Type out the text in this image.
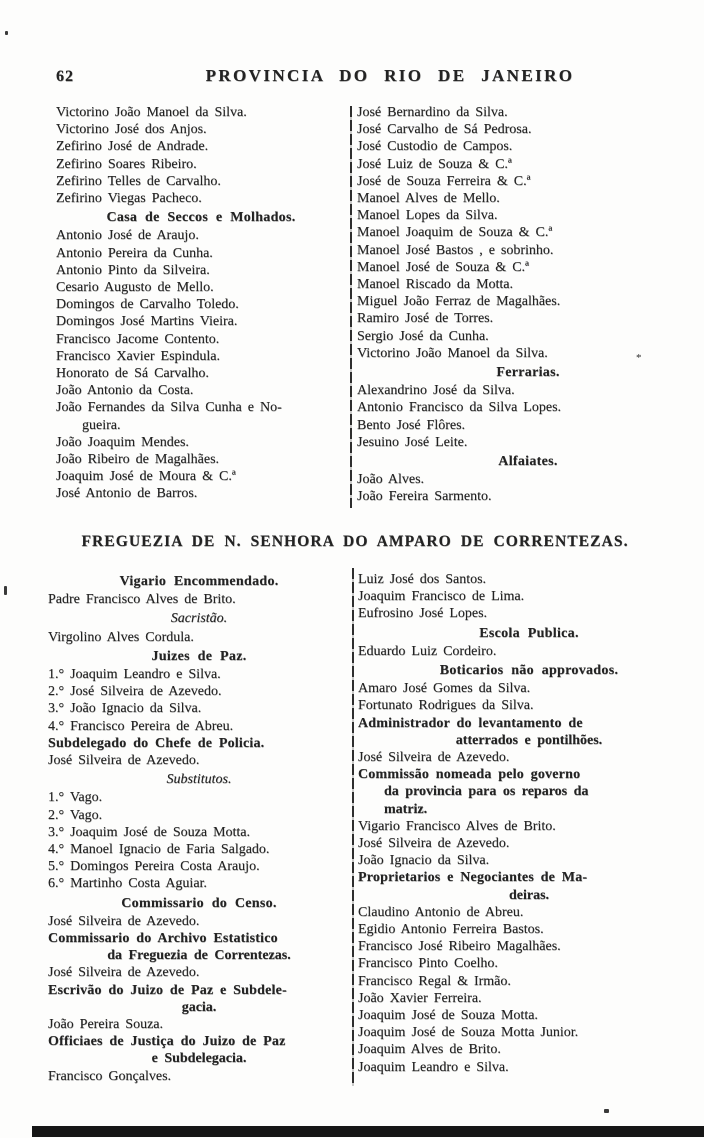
62	PROVINCIA DO RIO DE JANEIRO
Victorino João Manoel da Silva.
Victorino José dos Anjos.
Zefirino José de Andrade.
Zefirino Soares Ribeiro.
Zefirino Telles de Carvalho.
Zefirino Viegas Pacheco.
Casa de Seccos e Molhados.
Antonio José de Araujo.
Antonio Pereira da Cunha.
Antonio Pinto da Silveira.
Cesario Augusto de Mello.
Domingos de Carvalho Toledo.
Domingos José Martins Vieira.
Francisco Jacome Contento.
Francisco Xavier Espindula.
Honorato de Sá Carvalho.
João Antonio da Costa.
João Fernandes da Silva Cunha e No-
gueira.
João Joaquim Mendes.
João Ribeiro de Magalhães.
Joaquim José de Moura & C.ª
José Antonio de Barros.
José Bernardino da Silva.
José Carvalho de Sá Pedrosa.
José Custodio de Campos.
José Luiz de Souza & C.ª
José de Souza Ferreira & C.ª
Manoel Alves de Mello.
Manoel Lopes da Silva.
Manoel Joaquim de Souza & C.ª
Manoel José Bastos , e sobrinho.
Manoel José de Souza & C.ª
Manoel Riscado da Motta.
Miguel João Ferraz de Magalhães.
Ramiro José de Torres.
Sergio José da Cunha.
Victorino João Manoel da Silva.
Ferrarias.
Alexandrino José da Silva.
Antonio Francisco da Silva Lopes.
Bento José Flôres.
Jesuino José Leite.
Alfaiates.
João Alves.
João Fereira Sarmento.
FREGUEZIA DE N. SENHORA DO AMPARO DE CORRENTEZAS.
Vigario Encommendado.
Padre Francisco Alves de Brito.
Sacristão.
Virgolino Alves Cordula.
Juizes de Paz.
1.° Joaquim Leandro e Silva.
2.° José Silveira de Azevedo.
3.° João Ignacio da Silva.
4.° Francisco Pereira de Abreu.
Subdelegado do Chefe de Policia.
José Silveira de Azevedo.
Substitutos.
1.° Vago.
2.° Vago.
3.° Joaquim José de Souza Motta.
4.° Manoel Ignacio de Faria Salgado.
5.° Domingos Pereira Costa Araujo.
6.° Martinho Costa Aguiar.
Commissario do Censo.
José Silveira de Azevedo.
Commissario do Archivo Estatistico
da Freguezia de Correntezas.
José Silveira de Azevedo.
Escrivão do Juizo de Paz e Subdele-
gacia.
João Pereira Souza.
Officiaes de Justiça do Juizo de Paz
e Subdelegacia.
Francisco Gonçalves.
Luiz José dos Santos.
Joaquim Francisco de Lima.
Eufrosino José Lopes.
Escola Publica.
Eduardo Luiz Cordeiro.
Boticarios não approvados.
Amaro José Gomes da Silva.
Fortunato Rodrigues da Silva.
Administrador do levantamento de
atterrados e pontilhões.
José Silveira de Azevedo.
Commissão nomeada pelo governo
da provincia para os reparos da
matriz.
Vigario Francisco Alves de Brito.
José Silveira de Azevedo.
João Ignacio da Silva.
Proprietarios e Negociantes de Ma-
deiras.
Claudino Antonio de Abreu.
Egidio Antonio Ferreira Bastos.
Francisco José Ribeiro Magalhães.
Francisco Pinto Coelho.
Francisco Regal & Irmão.
João Xavier Ferreira.
Joaquim José de Souza Motta.
Joaquim José de Souza Motta Junior.
Joaquim Alves de Brito.
Joaquim Leandro e Silva.
*
